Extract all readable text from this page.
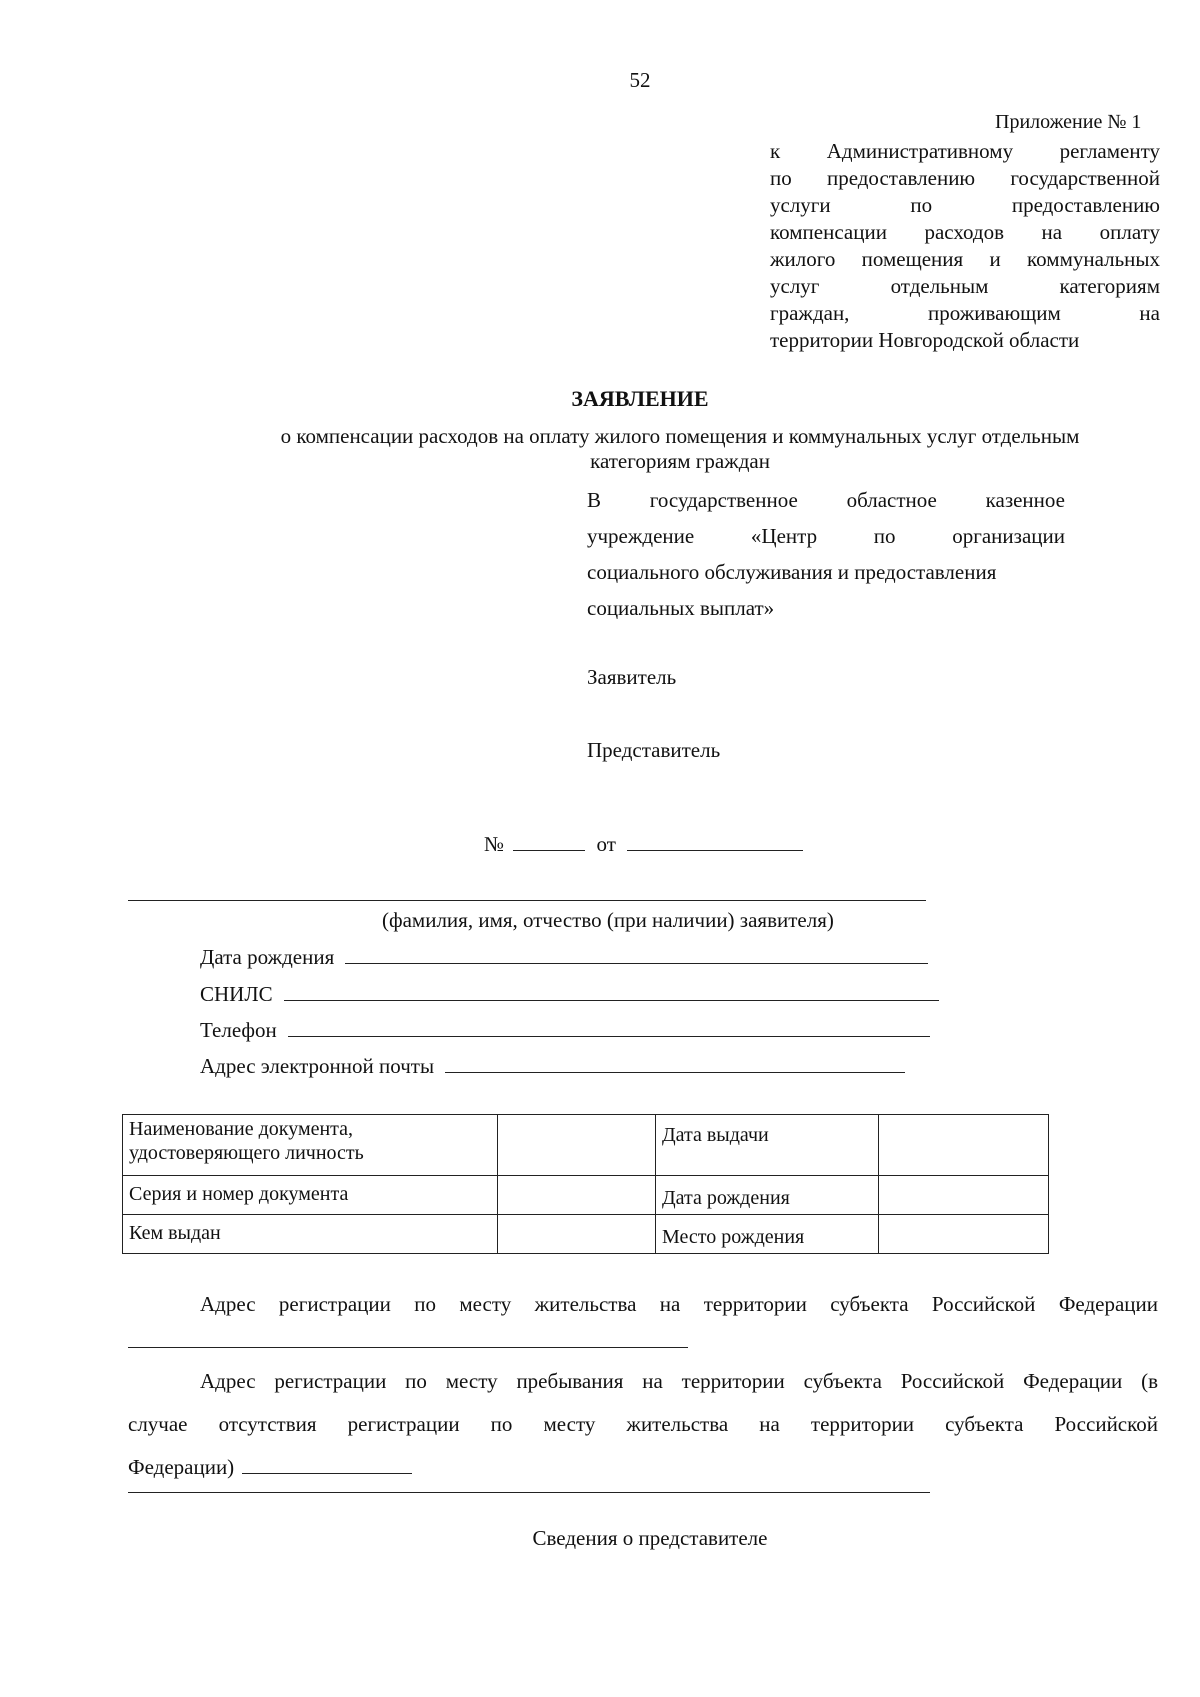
52
Приложение № 1
к Административному регламенту
по предоставлению государственной
услуги по предоставлению
компенсации расходов на оплату
жилого помещения и коммунальных
услуг отдельным категориям
граждан, проживающим на
территории Новгородской области
ЗАЯВЛЕНИЕ
о компенсации расходов на оплату жилого помещения и коммунальных услуг отдельным
категориям граждан
В государственное областное казенное
учреждение «Центр по организации
социального обслуживания и предоставления
социальных выплат»
Заявитель
Представитель
№	от
(фамилия, имя, отчество (при наличии) заявителя)
Дата рождения
СНИЛС
Телефон
Адрес электронной почты
Наименование документа,
удостоверяющего личность		Дата выдачи	

Серия и номер документа		Дата рождения	

Кем выдан		Место рождения	

Адрес регистрации по месту жительства на территории субъекта Российской Федерации
Адрес регистрации по месту пребывания на территории субъекта Российской Федерации (в
случае отсутствия регистрации по месту жительства на территории субъекта Российской
Федерации)
Сведения о представителе
